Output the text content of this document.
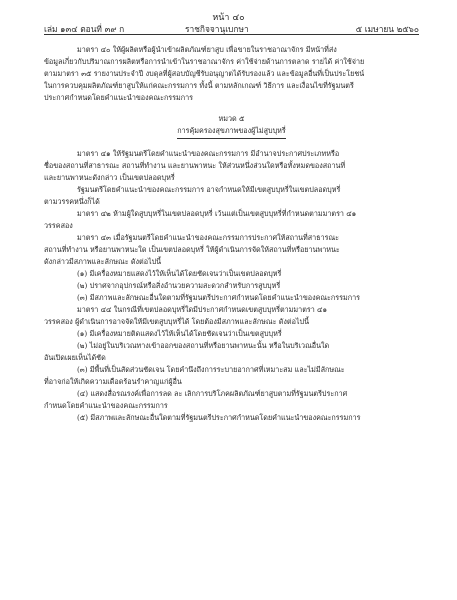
หน้า ๔๐
เล่ม ๑๓๔ ตอนที่ ๓๙ ก	ราชกิจจานุเบกษา	๕ เมษายน ๒๕๖๐

มาตรา ๔๐ ให้ผู้ผลิตหรือผู้นำเข้าผลิตภัณฑ์ยาสูบ เพื่อขายในราชอาณาจักร มีหน้าที่ส่ง

ข้อมูลเกี่ยวกับปริมาณการผลิตหรือการนำเข้าในราชอาณาจักร ค่าใช้จ่ายด้านการตลาด รายได้ ค่าใช้จ่าย

ตามมาตรา ๓๕ รายงานประจำปี งบดุลที่ผู้สอบบัญชีรับอนุญาตได้รับรองแล้ว และข้อมูลอื่นที่เป็นประโยชน์

ในการควบคุมผลิตภัณฑ์ยาสูบให้แก่คณะกรรมการ ทั้งนี้ ตามหลักเกณฑ์ วิธีการ และเงื่อนไขที่รัฐมนตรี

ประกาศกำหนดโดยคำแนะนำของคณะกรรมการ

หมวด ๕

การคุ้มครองสุขภาพของผู้ไม่สูบบุหรี่

มาตรา ๔๑ ให้รัฐมนตรีโดยคำแนะนำของคณะกรรมการ มีอำนาจประกาศประเภทหรือ

ชื่อของสถานที่สาธารณะ สถานที่ทำงาน และยานพาหนะ ให้ส่วนหนึ่งส่วนใดหรือทั้งหมดของสถานที่

และยานพาหนะดังกล่าว เป็นเขตปลอดบุหรี่

รัฐมนตรีโดยคำแนะนำของคณะกรรมการ อาจกำหนดให้มีเขตสูบบุหรี่ในเขตปลอดบุหรี่

ตามวรรคหนึ่งก็ได้

มาตรา ๔๒ ห้ามผู้ใดสูบบุหรี่ในเขตปลอดบุหรี่ เว้นแต่เป็นเขตสูบบุหรี่ที่กำหนดตามมาตรา ๔๑

วรรคสอง

มาตรา ๔๓ เมื่อรัฐมนตรีโดยคำแนะนำของคณะกรรมการประกาศให้สถานที่สาธารณะ

สถานที่ทำงาน หรือยานพาหนะใด เป็นเขตปลอดบุหรี่ ให้ผู้ดำเนินการจัดให้สถานที่หรือยานพาหนะ

ดังกล่าวมีสภาพและลักษณะ ดังต่อไปนี้

(๑) มีเครื่องหมายแสดงไว้ให้เห็นได้โดยชัดเจนว่าเป็นเขตปลอดบุหรี่

(๒) ปราศจากอุปกรณ์หรือสิ่งอำนวยความสะดวกสำหรับการสูบบุหรี่

(๓) มีสภาพและลักษณะอื่นใดตามที่รัฐมนตรีประกาศกำหนดโดยคำแนะนำของคณะกรรมการ

มาตรา ๔๔ ในกรณีที่เขตปลอดบุหรี่ใดมีประกาศกำหนดเขตสูบบุหรี่ตามมาตรา ๔๑

วรรคสอง ผู้ดำเนินการอาจจัดให้มีเขตสูบบุหรี่ได้ โดยต้องมีสภาพและลักษณะ ดังต่อไปนี้

(๑) มีเครื่องหมายติดแสดงไว้ให้เห็นได้โดยชัดเจนว่าเป็นเขตสูบบุหรี่

(๒) ไม่อยู่ในบริเวณทางเข้าออกของสถานที่หรือยานพาหนะนั้น หรือในบริเวณอื่นใด

อันเปิดเผยเห็นได้ชัด

(๓) มีพื้นที่เป็นสัดส่วนชัดเจน โดยคำนึงถึงการระบายอากาศที่เหมาะสม และไม่มีลักษณะ

ที่อาจก่อให้เกิดความเดือดร้อนรำคาญแก่ผู้อื่น

(๔) แสดงสื่อรณรงค์เพื่อการลด ละ เลิกการบริโภคผลิตภัณฑ์ยาสูบตามที่รัฐมนตรีประกาศ

กำหนดโดยคำแนะนำของคณะกรรมการ

(๕) มีสภาพและลักษณะอื่นใดตามที่รัฐมนตรีประกาศกำหนดโดยคำแนะนำของคณะกรรมการ
